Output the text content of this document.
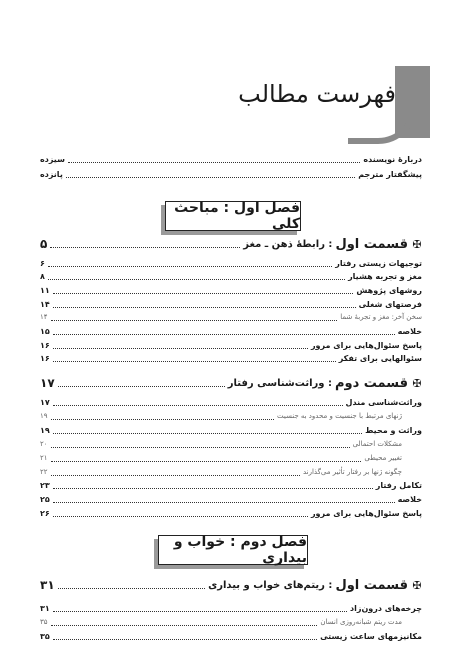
فهرست مطالب
دربارهٔ نویسنده
سیزده
پیشگفتار مترجم
پانزده
فصل اول : مباحث کلی
✠
قسمت اول
: رابطهٔ ذهن ـ مغز
۵
توجیهات زیستی رفتار
۶
مغز و تجربه هشیار
۸
روشهای پژوهش
۱۱
فرصتهای شغلی
۱۴
سخن آخر: مغز و تجربهٔ شما
۱۴
خلاصه
۱۵
پاسخ سئوال‌هایی برای مرور
۱۶
سئوالهایی برای تفکر
۱۶
✠
قسمت دوم
: وراثت‌شناسی رفتار
۱۷
وراثت‌شناسی مندل
۱۷
ژنهای مرتبط با جنسیت و محدود به جنسیت
۱۹
وراثت و محیط
۱۹
مشکلات احتمالی
۲۰
تغییر محیطی
۲۱
چگونه ژنها بر رفتار تأثیر می‌گذارند
۲۲
تکامل رفتار
۲۳
خلاصه
۲۵
پاسخ سئوال‌هایی برای مرور
۲۶
فصل دوم : خواب و بیداری
✠
قسمت اول
: ریتم‌های خواب و بیداری
۳۱
چرخه‌های درون‌زاد
۳۱
مدت ریتم شبانه‌روزی انسان
۳۵
مکانیزمهای ساعت زیستی
۳۵
